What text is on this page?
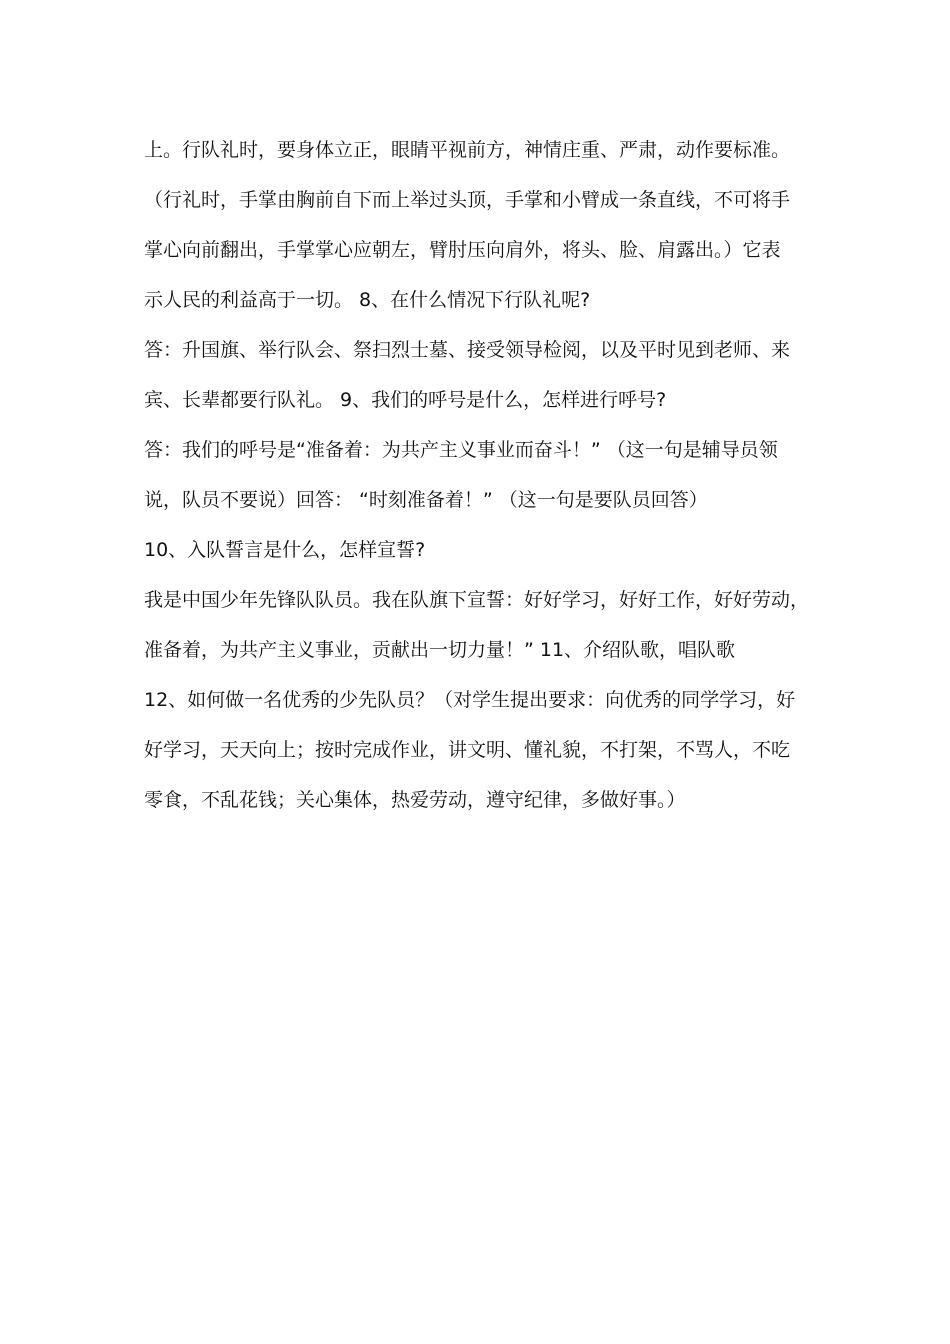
上。行队礼时，要身体立正，眼睛平视前方，神情庄重、严肃，动作要标准。
（行礼时，手掌由胸前自下而上举过头顶，手掌和小臂成一条直线，不可将手
掌心向前翻出，手掌掌心应朝左，臂肘压向肩外，将头、脸、肩露出。）它表
示人民的利益高于一切。 8、在什么情况下行队礼呢?
答：升国旗、举行队会、祭扫烈士墓、接受领导检阅，以及平时见到老师、来
宾、长辈都要行队礼。 9、我们的呼号是什么，怎样进行呼号?
答：我们的呼号是“准备着：为共产主义事业而奋斗！” （这一句是辅导员领
说，队员不要说）回答： “时刻准备着！” （这一句是要队员回答）
10、入队誓言是什么，怎样宣誓?
我是中国少年先锋队队员。我在队旗下宣誓：好好学习，好好工作，好好劳动，
准备着，为共产主义事业，贡献出一切力量！” 11、介绍队歌，唱队歌
12、如何做一名优秀的少先队员？（对学生提出要求：向优秀的同学学习，好
好学习，天天向上；按时完成作业，讲文明、懂礼貌，不打架，不骂人，不吃
零食，不乱花钱；关心集体，热爱劳动，遵守纪律，多做好事。）
